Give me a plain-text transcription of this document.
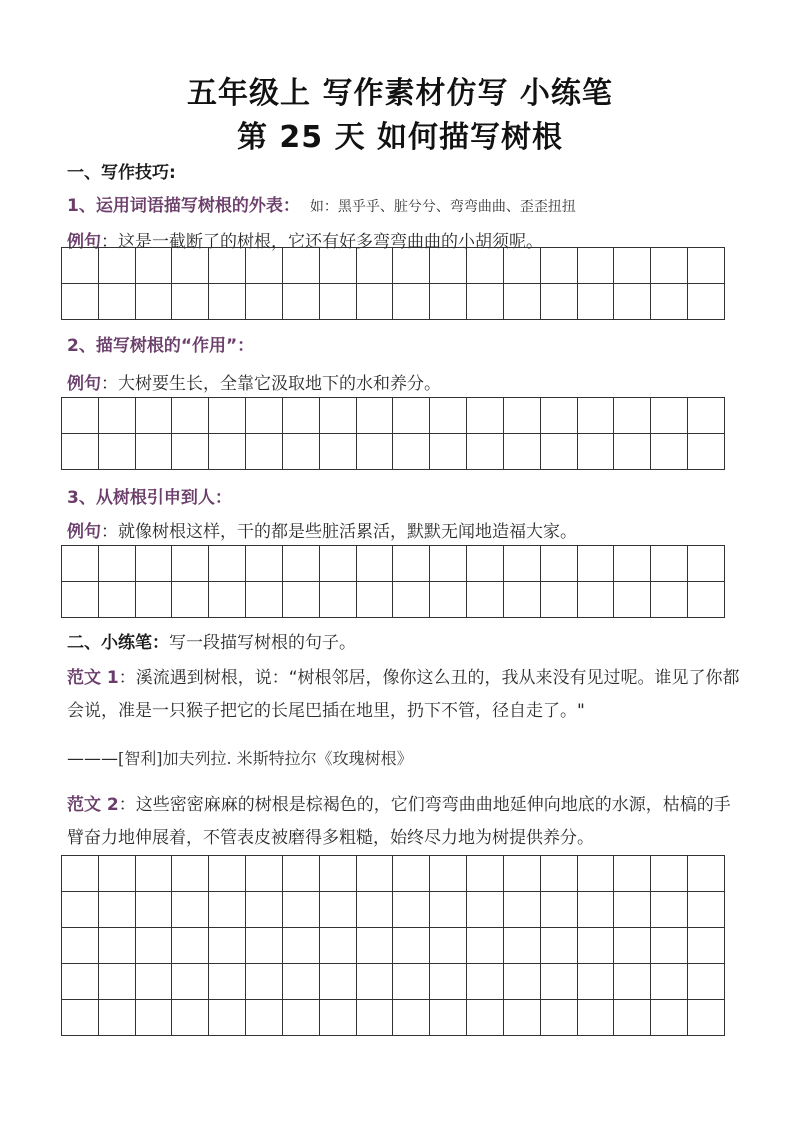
五年级上 写作素材仿写 小练笔
第 25 天 如何描写树根
一、写作技巧:
1、运用词语描写树根的外表： 如：黑乎乎、脏兮兮、弯弯曲曲、歪歪扭扭
例句：这是一截断了的树根，它还有好多弯弯曲曲的小胡须呢。
2、描写树根的“作用”：
例句：大树要生长，全靠它汲取地下的水和养分。
3、从树根引申到人：
例句：就像树根这样，干的都是些脏活累活，默默无闻地造福大家。
二、小练笔：写一段描写树根的句子。
范文 1：溪流遇到树根，说：“树根邻居，像你这么丑的，我从来没有见过呢。谁见了你都会说，准是一只猴子把它的长尾巴插在地里，扔下不管，径自走了。"
———[智利]加夫列拉. 米斯特拉尔《玫瑰树根》
范文 2：这些密密麻麻的树根是棕褐色的，它们弯弯曲曲地延伸向地底的水源，枯槁的手臂奋力地伸展着，不管表皮被磨得多粗糙，始终尽力地为树提供养分。
